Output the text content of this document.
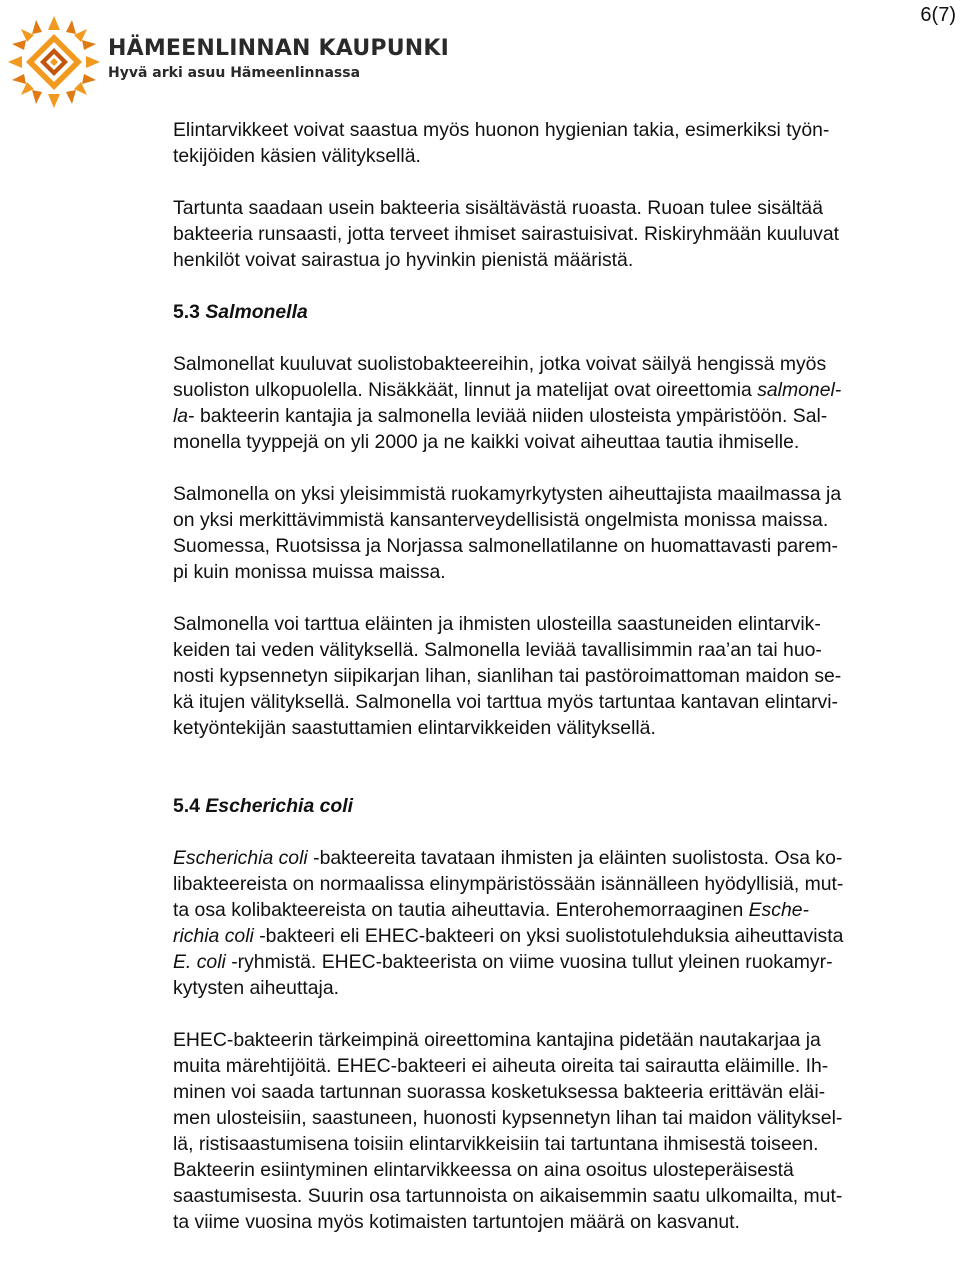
6(7)
HÄMEENLINNAN KAUPUNKI
Hyvä arki asuu Hämeenlinnassa

Elintarvikkeet voivat saastua myös huonon hygienian takia, esimerkiksi työn-
tekijöiden käsien välityksellä.

Tartunta saadaan usein bakteeria sisältävästä ruoasta. Ruoan tulee sisältää
bakteeria runsaasti, jotta terveet ihmiset sairastuisivat. Riskiryhmään kuuluvat
henkilöt voivat sairastua jo hyvinkin pienistä määristä.

5.3 Salmonella

Salmonellat kuuluvat suolistobakteereihin, jotka voivat säilyä hengissä myös
suoliston ulkopuolella. Nisäkkäät, linnut ja matelijat ovat oireettomia salmonel-
la- bakteerin kantajia ja salmonella leviää niiden ulosteista ympäristöön. Sal-
monella tyyppejä on yli 2000 ja ne kaikki voivat aiheuttaa tautia ihmiselle.

Salmonella on yksi yleisimmistä ruokamyrkytysten aiheuttajista maailmassa ja
on yksi merkittävimmistä kansanterveydellisistä ongelmista monissa maissa.
Suomessa, Ruotsissa ja Norjassa salmonellatilanne on huomattavasti parem-
pi kuin monissa muissa maissa.

Salmonella voi tarttua eläinten ja ihmisten ulosteilla saastuneiden elintarvik-
keiden tai veden välityksellä. Salmonella leviää tavallisimmin raa’an tai huo-
nosti kypsennetyn siipikarjan lihan, sianlihan tai pastöroimattoman maidon se-
kä itujen välityksellä. Salmonella voi tarttua myös tartuntaa kantavan elintarvi-
ketyöntekijän saastuttamien elintarvikkeiden välityksellä.

5.4 Escherichia coli

Escherichia coli -bakteereita tavataan ihmisten ja eläinten suolistosta. Osa ko-
libakteereista on normaalissa elinympäristössään isännälleen hyödyllisiä, mut-
ta osa kolibakteereista on tautia aiheuttavia. Enterohemorraaginen Esche-
richia coli -bakteeri eli EHEC-bakteeri on yksi suolistotulehduksia aiheuttavista
E. coli -ryhmistä. EHEC-bakteerista on viime vuosina tullut yleinen ruokamyr-
kytysten aiheuttaja.

EHEC-bakteerin tärkeimpinä oireettomina kantajina pidetään nautakarjaa ja
muita märehtijöitä. EHEC-bakteeri ei aiheuta oireita tai sairautta eläimille. Ih-
minen voi saada tartunnan suorassa kosketuksessa bakteeria erittävän eläi-
men ulosteisiin, saastuneen, huonosti kypsennetyn lihan tai maidon välityksel-
lä, ristisaastumisena toisiin elintarvikkeisiin tai tartuntana ihmisestä toiseen.
Bakteerin esiintyminen elintarvikkeessa on aina osoitus ulosteperäisestä
saastumisesta. Suurin osa tartunnoista on aikaisemmin saatu ulkomailta, mut-
ta viime vuosina myös kotimaisten tartuntojen määrä on kasvanut.
